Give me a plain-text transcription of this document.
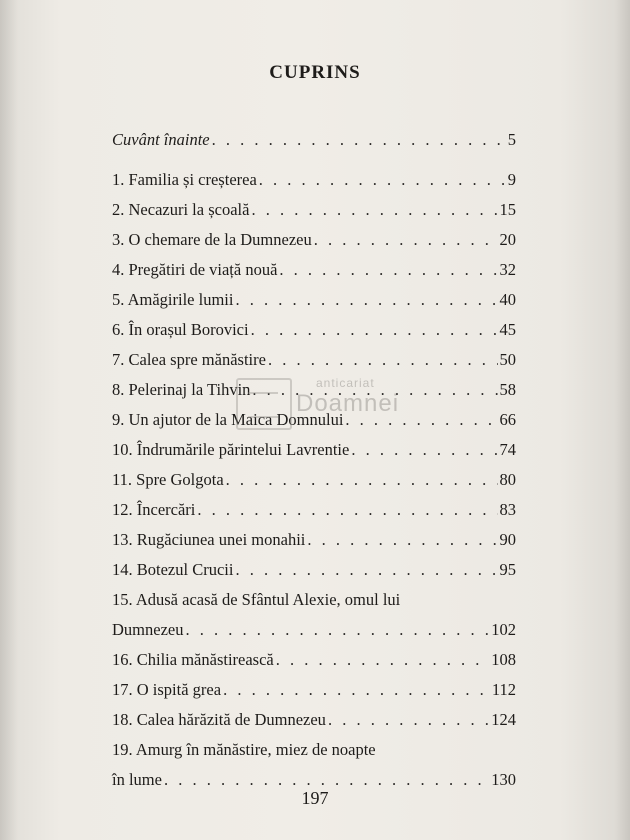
CUPRINS
Cuvânt înainte . . .	5
1. Familia și creșterea . . .	9
2. Necazuri la școală . . .	15
3. O chemare de la Dumnezeu . . .	20
4. Pregătiri de viață nouă . . .	32
5. Amăgirile lumii . . .	40
6. În orașul Borovici . . .	45
7. Calea spre mănăstire . . .	50
8. Pelerinaj la Tihvin . . .	58
9. Un ajutor de la Maica Domnului . . .	66
10. Îndrumările părintelui Lavrentie . . .	74
11. Spre Golgota . . .	80
12. Încercări . . .	83
13. Rugăciunea unei monahii . . .	90
14. Botezul Crucii . . .	95
15. Adusă acasă de Sfântul Alexie, omul lui
Dumnezeu . . .	102
16. Chilia mănăstirească . . .	108
17. O ispită grea . . .	112
18. Calea hărăzită de Dumnezeu . . .	124
19. Amurg în mănăstire, miez de noapte
în lume . . .	130
anticariat
Doamnei
197
